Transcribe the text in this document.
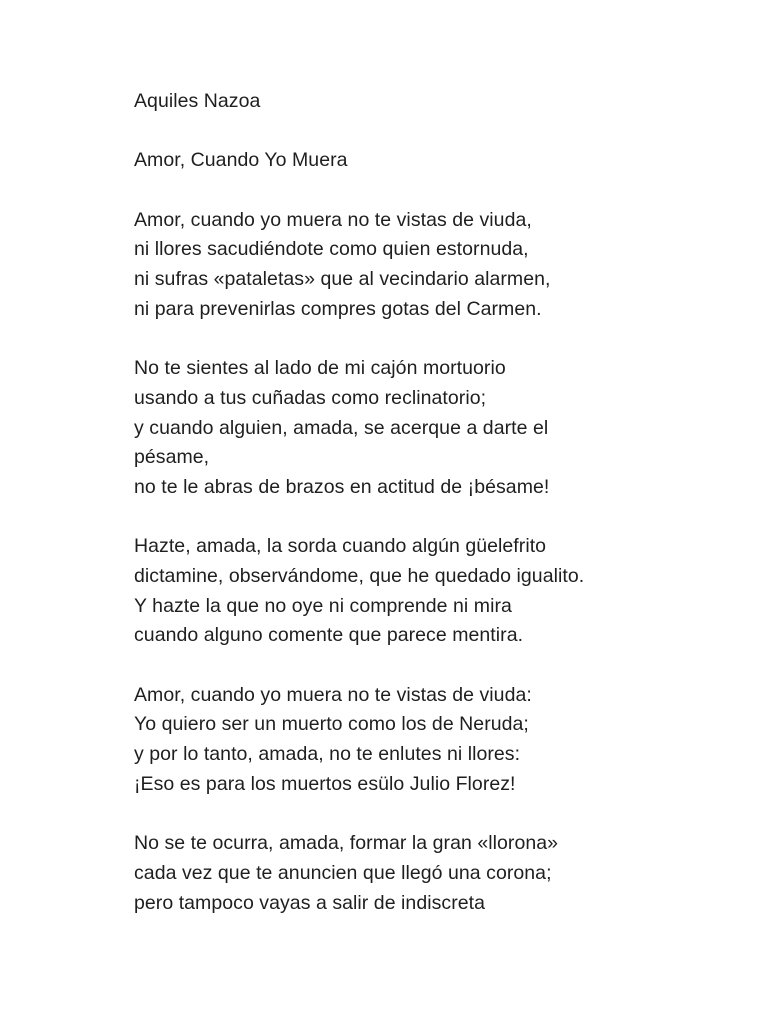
Aquiles Nazoa
Amor, Cuando Yo Muera
Amor, cuando yo muera no te vistas de viuda,
ni llores sacudiéndote como quien estornuda,
ni sufras «pataletas» que al vecindario alarmen,
ni para prevenirlas compres gotas del Carmen.
No te sientes al lado de mi cajón mortuorio
usando a tus cuñadas como reclinatorio;
y cuando alguien, amada, se acerque a darte el
pésame,
no te le abras de brazos en actitud de ¡bésame!
Hazte, amada, la sorda cuando algún güelefrito
dictamine, observándome, que he quedado igualito.
Y hazte la que no oye ni comprende ni mira
cuando alguno comente que parece mentira.
Amor, cuando yo muera no te vistas de viuda:
Yo quiero ser un muerto como los de Neruda;
y por lo tanto, amada, no te enlutes ni llores:
¡Eso es para los muertos esülo Julio Florez!
No se te ocurra, amada, formar la gran «llorona»
cada vez que te anuncien que llegó una corona;
pero tampoco vayas a salir de indiscreta
